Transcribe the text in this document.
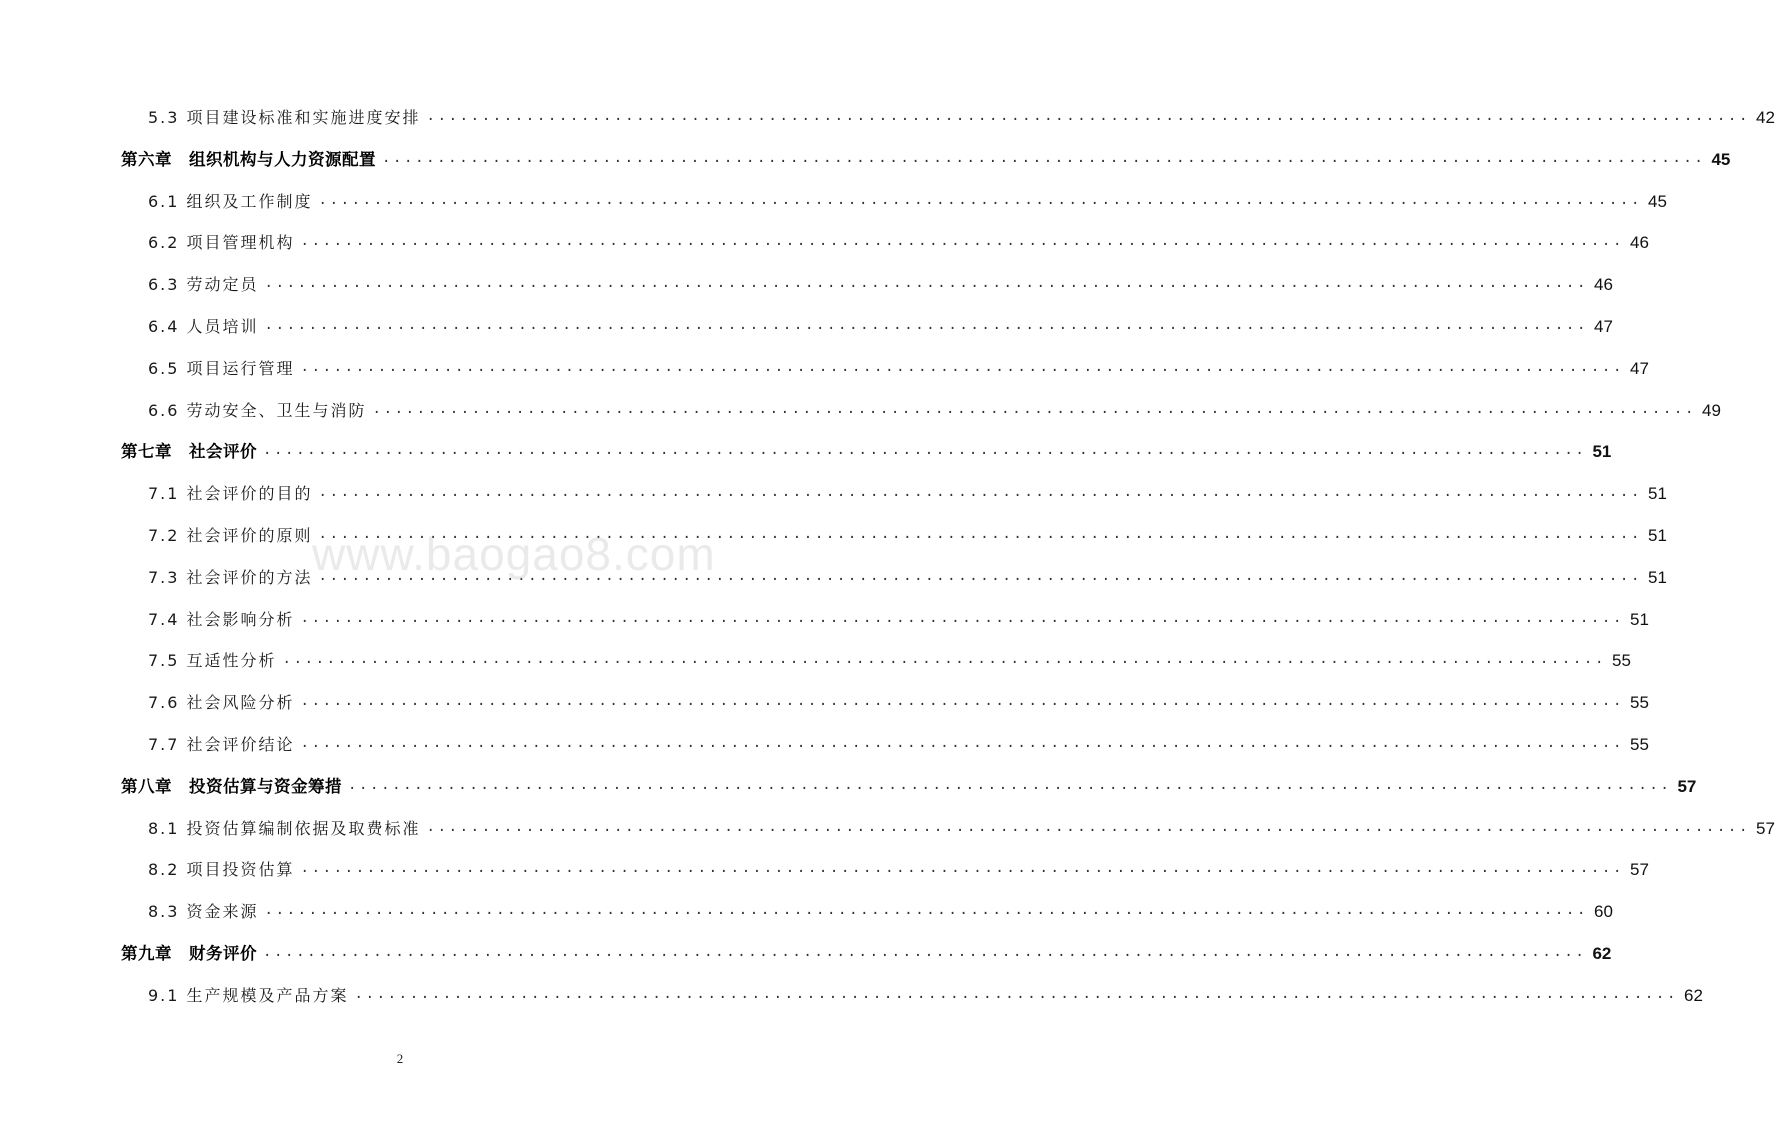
5.3 项目建设标准和实施进度安排 ........................................................................................................................ 42
第六章　组织机构与人力资源配置 ........................................................................................................................ 45
6.1 组织及工作制度 ........................................................................................................................ 45
6.2 项目管理机构 ........................................................................................................................ 46
6.3 劳动定员 ........................................................................................................................ 46
6.4 人员培训 ........................................................................................................................ 47
6.5 项目运行管理 ........................................................................................................................ 47
6.6 劳动安全、卫生与消防 ........................................................................................................................ 49
第七章　社会评价 ........................................................................................................................ 51
7.1 社会评价的目的 ........................................................................................................................ 51
7.2 社会评价的原则 ........................................................................................................................ 51
7.3 社会评价的方法 ........................................................................................................................ 51
7.4 社会影响分析 ........................................................................................................................ 51
7.5 互适性分析 ........................................................................................................................ 55
7.6 社会风险分析 ........................................................................................................................ 55
7.7 社会评价结论 ........................................................................................................................ 55
第八章　投资估算与资金筹措 ........................................................................................................................ 57
8.1 投资估算编制依据及取费标准 ........................................................................................................................ 57
8.2 项目投资估算 ........................................................................................................................ 57
8.3 资金来源 ........................................................................................................................ 60
第九章　财务评价 ........................................................................................................................ 62
9.1 生产规模及产品方案 ........................................................................................................................ 62
www.baogao8.com
2
